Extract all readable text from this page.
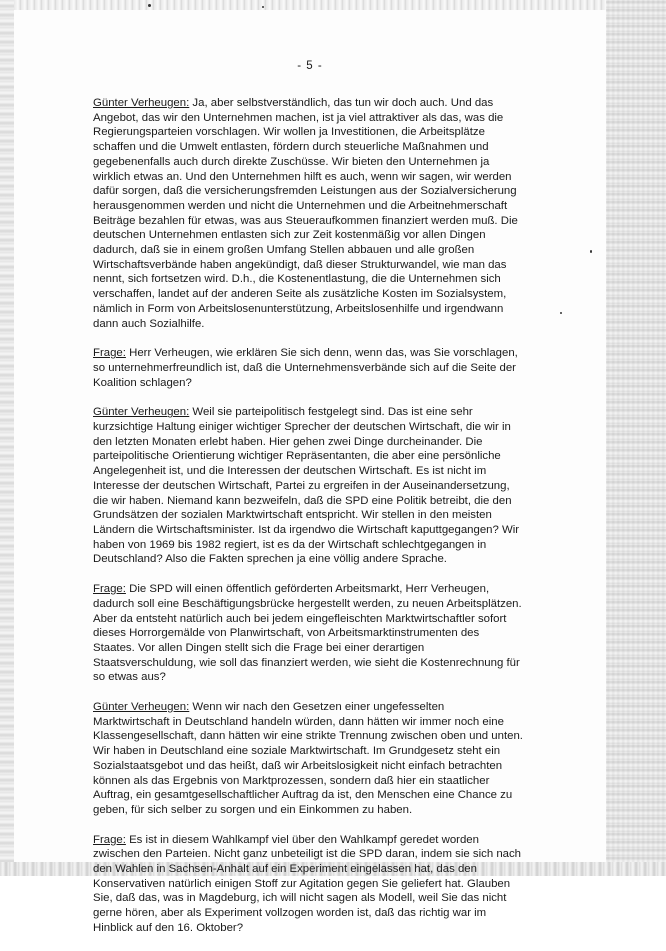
- 5 -

Günter Verheugen: Ja, aber selbstverständlich, das tun wir doch auch. Und das Angebot, das wir den Unternehmen machen, ist ja viel attraktiver als das, was die Regierungsparteien vorschlagen. Wir wollen ja Investitionen, die Arbeitsplätze schaffen und die Umwelt entlasten, fördern durch steuerliche Maßnahmen und gegebenenfalls auch durch direkte Zuschüsse. Wir bieten den Unternehmen ja wirklich etwas an. Und den Unternehmen hilft es auch, wenn wir sagen, wir werden dafür sorgen, daß die versicherungsfremden Leistungen aus der Sozialversicherung herausgenommen werden und nicht die Unternehmen und die Arbeitnehmerschaft Beiträge bezahlen für etwas, was aus Steueraufkommen finanziert werden muß. Die deutschen Unternehmen entlasten sich zur Zeit kostenmäßig vor allen Dingen dadurch, daß sie in einem großen Umfang Stellen abbauen und alle großen Wirtschaftsverbände haben angekündigt, daß dieser Strukturwandel, wie man das nennt, sich fortsetzen wird. D.h., die Kostenentlastung, die die Unternehmen sich verschaffen, landet auf der anderen Seite als zusätzliche Kosten im Sozialsystem, nämlich in Form von Arbeitslosenunterstützung, Arbeitslosenhilfe und irgendwann dann auch Sozialhilfe.

Frage: Herr Verheugen, wie erklären Sie sich denn, wenn das, was Sie vorschlagen, so unternehmerfreundlich ist, daß die Unternehmensverbände sich auf die Seite der Koalition schlagen?

Günter Verheugen: Weil sie parteipolitisch festgelegt sind. Das ist eine sehr kurzsichtige Haltung einiger wichtiger Sprecher der deutschen Wirtschaft, die wir in den letzten Monaten erlebt haben. Hier gehen zwei Dinge durcheinander. Die parteipolitische Orientierung wichtiger Repräsentanten, die aber eine persönliche Angelegenheit ist, und die Interessen der deutschen Wirtschaft. Es ist nicht im Interesse der deutschen Wirtschaft, Partei zu ergreifen in der Auseinandersetzung, die wir haben. Niemand kann bezweifeln, daß die SPD eine Politik betreibt, die den Grundsätzen der sozialen Marktwirtschaft entspricht. Wir stellen in den meisten Ländern die Wirtschaftsminister. Ist da irgendwo die Wirtschaft kaputtgegangen? Wir haben von 1969 bis 1982 regiert, ist es da der Wirtschaft schlechtgegangen in Deutschland? Also die Fakten sprechen ja eine völlig andere Sprache.

Frage: Die SPD will einen öffentlich geförderten Arbeitsmarkt, Herr Verheugen, dadurch soll eine Beschäftigungsbrücke hergestellt werden, zu neuen Arbeitsplätzen. Aber da entsteht natürlich auch bei jedem eingefleischten Marktwirtschaftler sofort dieses Horrorgemälde von Planwirtschaft, von Arbeitsmarktinstrumenten des Staates. Vor allen Dingen stellt sich die Frage bei einer derartigen Staatsverschuldung, wie soll das finanziert werden, wie sieht die Kostenrechnung für so etwas aus?

Günter Verheugen: Wenn wir nach den Gesetzen einer ungefesselten Marktwirtschaft in Deutschland handeln würden, dann hätten wir immer noch eine Klassengesellschaft, dann hätten wir eine strikte Trennung zwischen oben und unten. Wir haben in Deutschland eine soziale Marktwirtschaft. Im Grundgesetz steht ein Sozialstaatsgebot und das heißt, daß wir Arbeitslosigkeit nicht einfach betrachten können als das Ergebnis von Marktprozessen, sondern daß hier ein staatlicher Auftrag, ein gesamtgesellschaftlicher Auftrag da ist, den Menschen eine Chance zu geben, für sich selber zu sorgen und ein Einkommen zu haben.

Frage: Es ist in diesem Wahlkampf viel über den Wahlkampf geredet worden zwischen den Parteien. Nicht ganz unbeteiligt ist die SPD daran, indem sie sich nach den Wahlen in Sachsen-Anhalt auf ein Experiment eingelassen hat, das den Konservativen natürlich einigen Stoff zur Agitation gegen Sie geliefert hat. Glauben Sie, daß das, was in Magdeburg, ich will nicht sagen als Modell, weil Sie das nicht gerne hören, aber als Experiment vollzogen worden ist, daß das richtig war im Hinblick auf den 16. Oktober?
